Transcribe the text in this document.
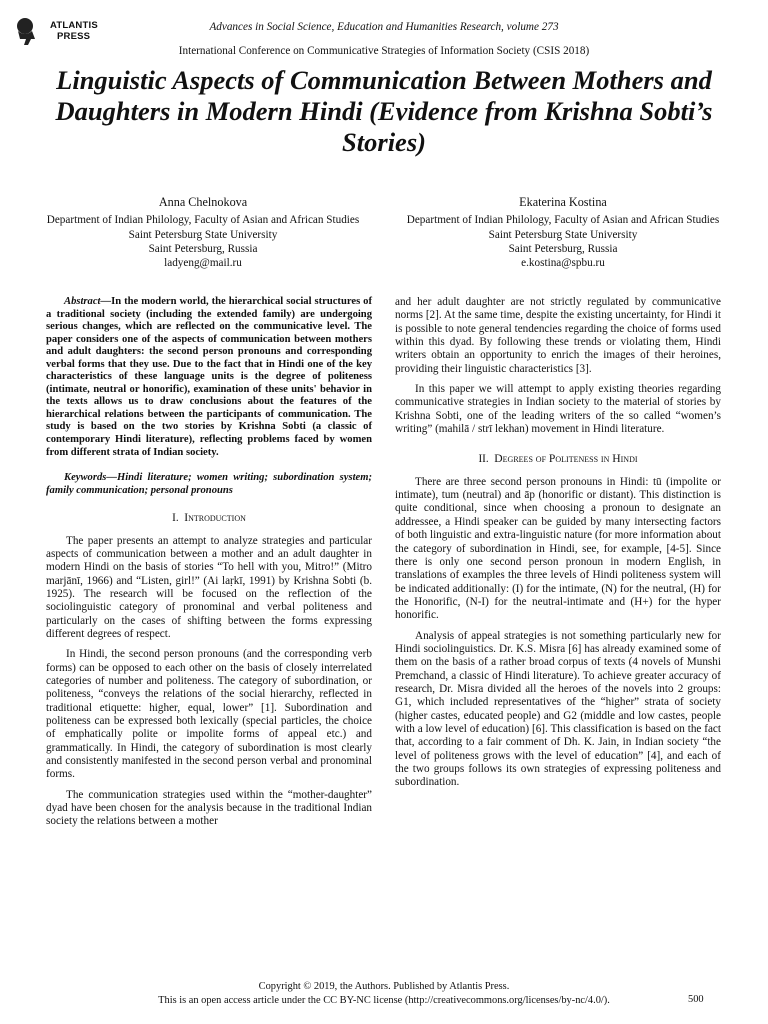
ATLANTIS
PRESS
Advances in Social Science, Education and Humanities Research, volume 273
International Conference on Communicative Strategies of Information Society (CSIS 2018)
Linguistic Aspects of Communication Between Mothers and Daughters in Modern Hindi (Evidence from Krishna Sobti’s Stories)
Anna Chelnokova
Department of Indian Philology, Faculty of Asian and African Studies
Saint Petersburg State University
Saint Petersburg, Russia
ladyeng@mail.ru
Ekaterina Kostina
Department of Indian Philology, Faculty of Asian and African Studies
Saint Petersburg State University
Saint Petersburg, Russia
e.kostina@spbu.ru

Abstract—In the modern world, the hierarchical social structures of a traditional society (including the extended family) are undergoing serious changes, which are reflected on the communicative level. The paper considers one of the aspects of communication between mothers and adult daughters: the second person pronouns and corresponding verbal forms that they use. Due to the fact that in Hindi one of the key characteristics of these language units is the degree of politeness (intimate, neutral or honorific), examination of these units' behavior in the texts allows us to draw conclusions about the features of the hierarchical relations between the participants of communication. The study is based on the two stories by Krishna Sobti (a classic of contemporary Hindi literature), reflecting problems faced by women from different strata of Indian society.

Keywords—Hindi literature; women writing; subordination system; family communication; personal pronouns

I. Introduction

The paper presents an attempt to analyze strategies and particular aspects of communication between a mother and an adult daughter in modern Hindi on the basis of stories “To hell with you, Mitro!” (Mitro marjānī, 1966) and “Listen, girl!” (Ai laṛkī, 1991) by Krishna Sobti (b. 1925). The research will be focused on the reflection of the sociolinguistic category of pronominal and verbal politeness and particularly on the cases of shifting between the forms expressing different degrees of respect.

In Hindi, the second person pronouns (and the corresponding verb forms) can be opposed to each other on the basis of closely interrelated categories of number and politeness. The category of subordination, or politeness, “conveys the relations of the social hierarchy, reflected in traditional etiquette: higher, equal, lower” [1]. Subordination and politeness can be expressed both lexically (special particles, the choice of emphatically polite or impolite forms of appeal etc.) and grammatically. In Hindi, the category of subordination is most clearly and consistently manifested in the second person verbal and pronominal forms.

The communication strategies used within the “mother-daughter” dyad have been chosen for the analysis because in the traditional Indian society the relations between a mother

and her adult daughter are not strictly regulated by communicative norms [2]. At the same time, despite the existing uncertainty, for Hindi it is possible to note general tendencies regarding the choice of forms used within this dyad. By following these trends or violating them, Hindi writers obtain an opportunity to enrich the images of their heroines, providing their linguistic characteristics [3].

In this paper we will attempt to apply existing theories regarding communicative strategies in Indian society to the material of stories by Krishna Sobti, one of the leading writers of the so called “women’s writing” (mahilā / strī lekhan) movement in Hindi literature.

II. Degrees of Politeness in Hindi

There are three second person pronouns in Hindi: tū (impolite or intimate), tum (neutral) and āp (honorific or distant). This distinction is quite conditional, since when choosing a pronoun to designate an addressee, a Hindi speaker can be guided by many intersecting factors of both linguistic and extra-linguistic nature (for more information about the category of subordination in Hindi, see, for example, [4-5]. Since there is only one second person pronoun in modern English, in translations of examples the three levels of Hindi politeness system will be indicated additionally: (I) for the intimate, (N) for the neutral, (H) for the Honorific, (N-I) for the neutral-intimate and (H+) for the hyper honorific.

Analysis of appeal strategies is not something particularly new for Hindi sociolinguistics. Dr. K.S. Misra [6] has already examined some of them on the basis of a rather broad corpus of texts (4 novels of Munshi Premchand, a classic of Hindi literature). To achieve greater accuracy of research, Dr. Misra divided all the heroes of the novels into 2 groups: G1, which included representatives of the “higher” strata of society (higher castes, educated people) and G2 (middle and low castes, people with a low level of education) [6]. This classification is based on the fact that, according to a fair comment of Dh. K. Jain, in Indian society “the level of politeness grows with the level of education” [4], and each of the two groups follows its own strategies of expressing politeness and subordination.

Copyright © 2019, the Authors. Published by Atlantis Press.
This is an open access article under the CC BY-NC license (http://creativecommons.org/licenses/by-nc/4.0/).	500
